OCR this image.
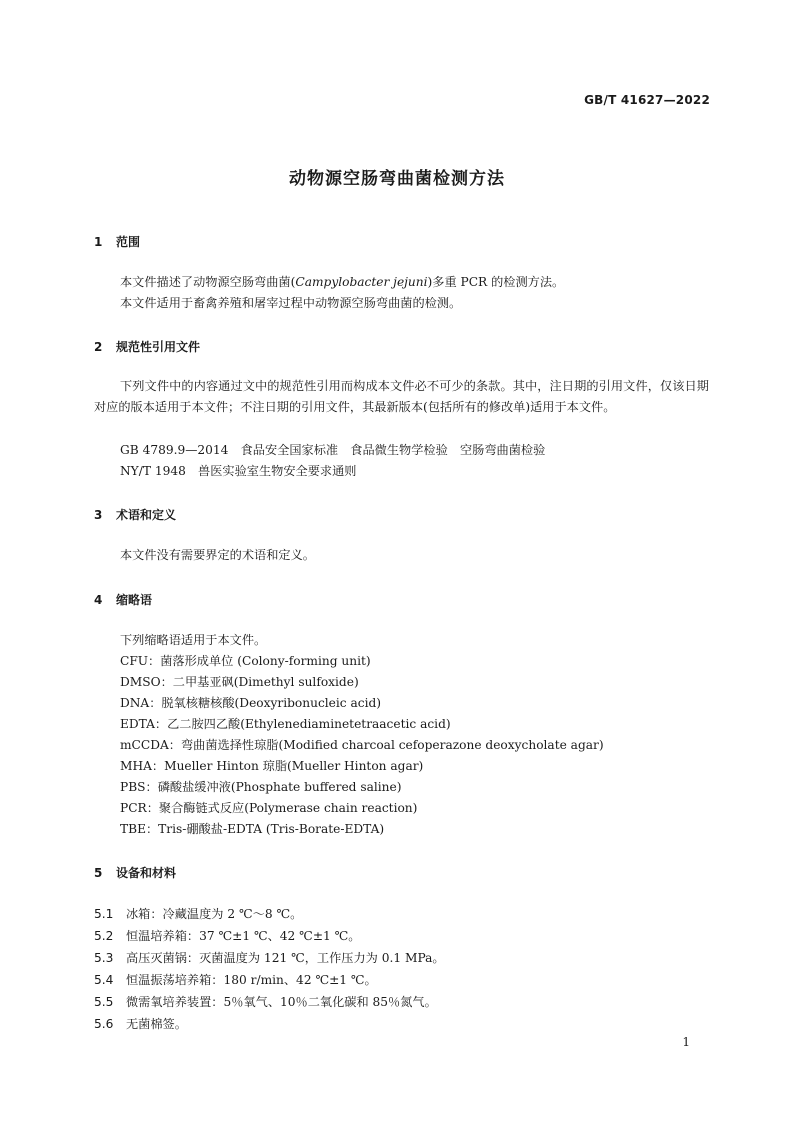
GB/T 41627—2022
动物源空肠弯曲菌检测方法
1 范围
本文件描述了动物源空肠弯曲菌(Campylobacter jejuni)多重 PCR 的检测方法。
本文件适用于畜禽养殖和屠宰过程中动物源空肠弯曲菌的检测。
2 规范性引用文件
下列文件中的内容通过文中的规范性引用而构成本文件必不可少的条款。其中，注日期的引用文件，仅该日期对应的版本适用于本文件；不注日期的引用文件，其最新版本(包括所有的修改单)适用于本文件。
GB 4789.9—2014　食品安全国家标准　食品微生物学检验　空肠弯曲菌检验
NY/T 1948　兽医实验室生物安全要求通则
3 术语和定义
本文件没有需要界定的术语和定义。
4 缩略语
下列缩略语适用于本文件。
CFU：菌落形成单位 (Colony-forming unit)
DMSO：二甲基亚砜(Dimethyl sulfoxide)
DNA：脱氧核糖核酸(Deoxyribonucleic acid)
EDTA：乙二胺四乙酸(Ethylenediaminetetraacetic acid)
mCCDA：弯曲菌选择性琼脂(Modified charcoal cefoperazone deoxycholate agar)
MHA：Mueller Hinton 琼脂(Mueller Hinton agar)
PBS：磷酸盐缓冲液(Phosphate buffered saline)
PCR：聚合酶链式反应(Polymerase chain reaction)
TBE：Tris-硼酸盐-EDTA (Tris-Borate-EDTA)
5 设备和材料
5.1 冰箱：冷藏温度为 2 ℃～8 ℃。
5.2 恒温培养箱：37 ℃±1 ℃、42 ℃±1 ℃。
5.3 高压灭菌锅：灭菌温度为 121 ℃，工作压力为 0.1 MPa。
5.4 恒温振荡培养箱：180 r/min、42 ℃±1 ℃。
5.5 微需氧培养装置：5％氧气、10％二氧化碳和 85％氮气。
5.6 无菌棉签。
1
